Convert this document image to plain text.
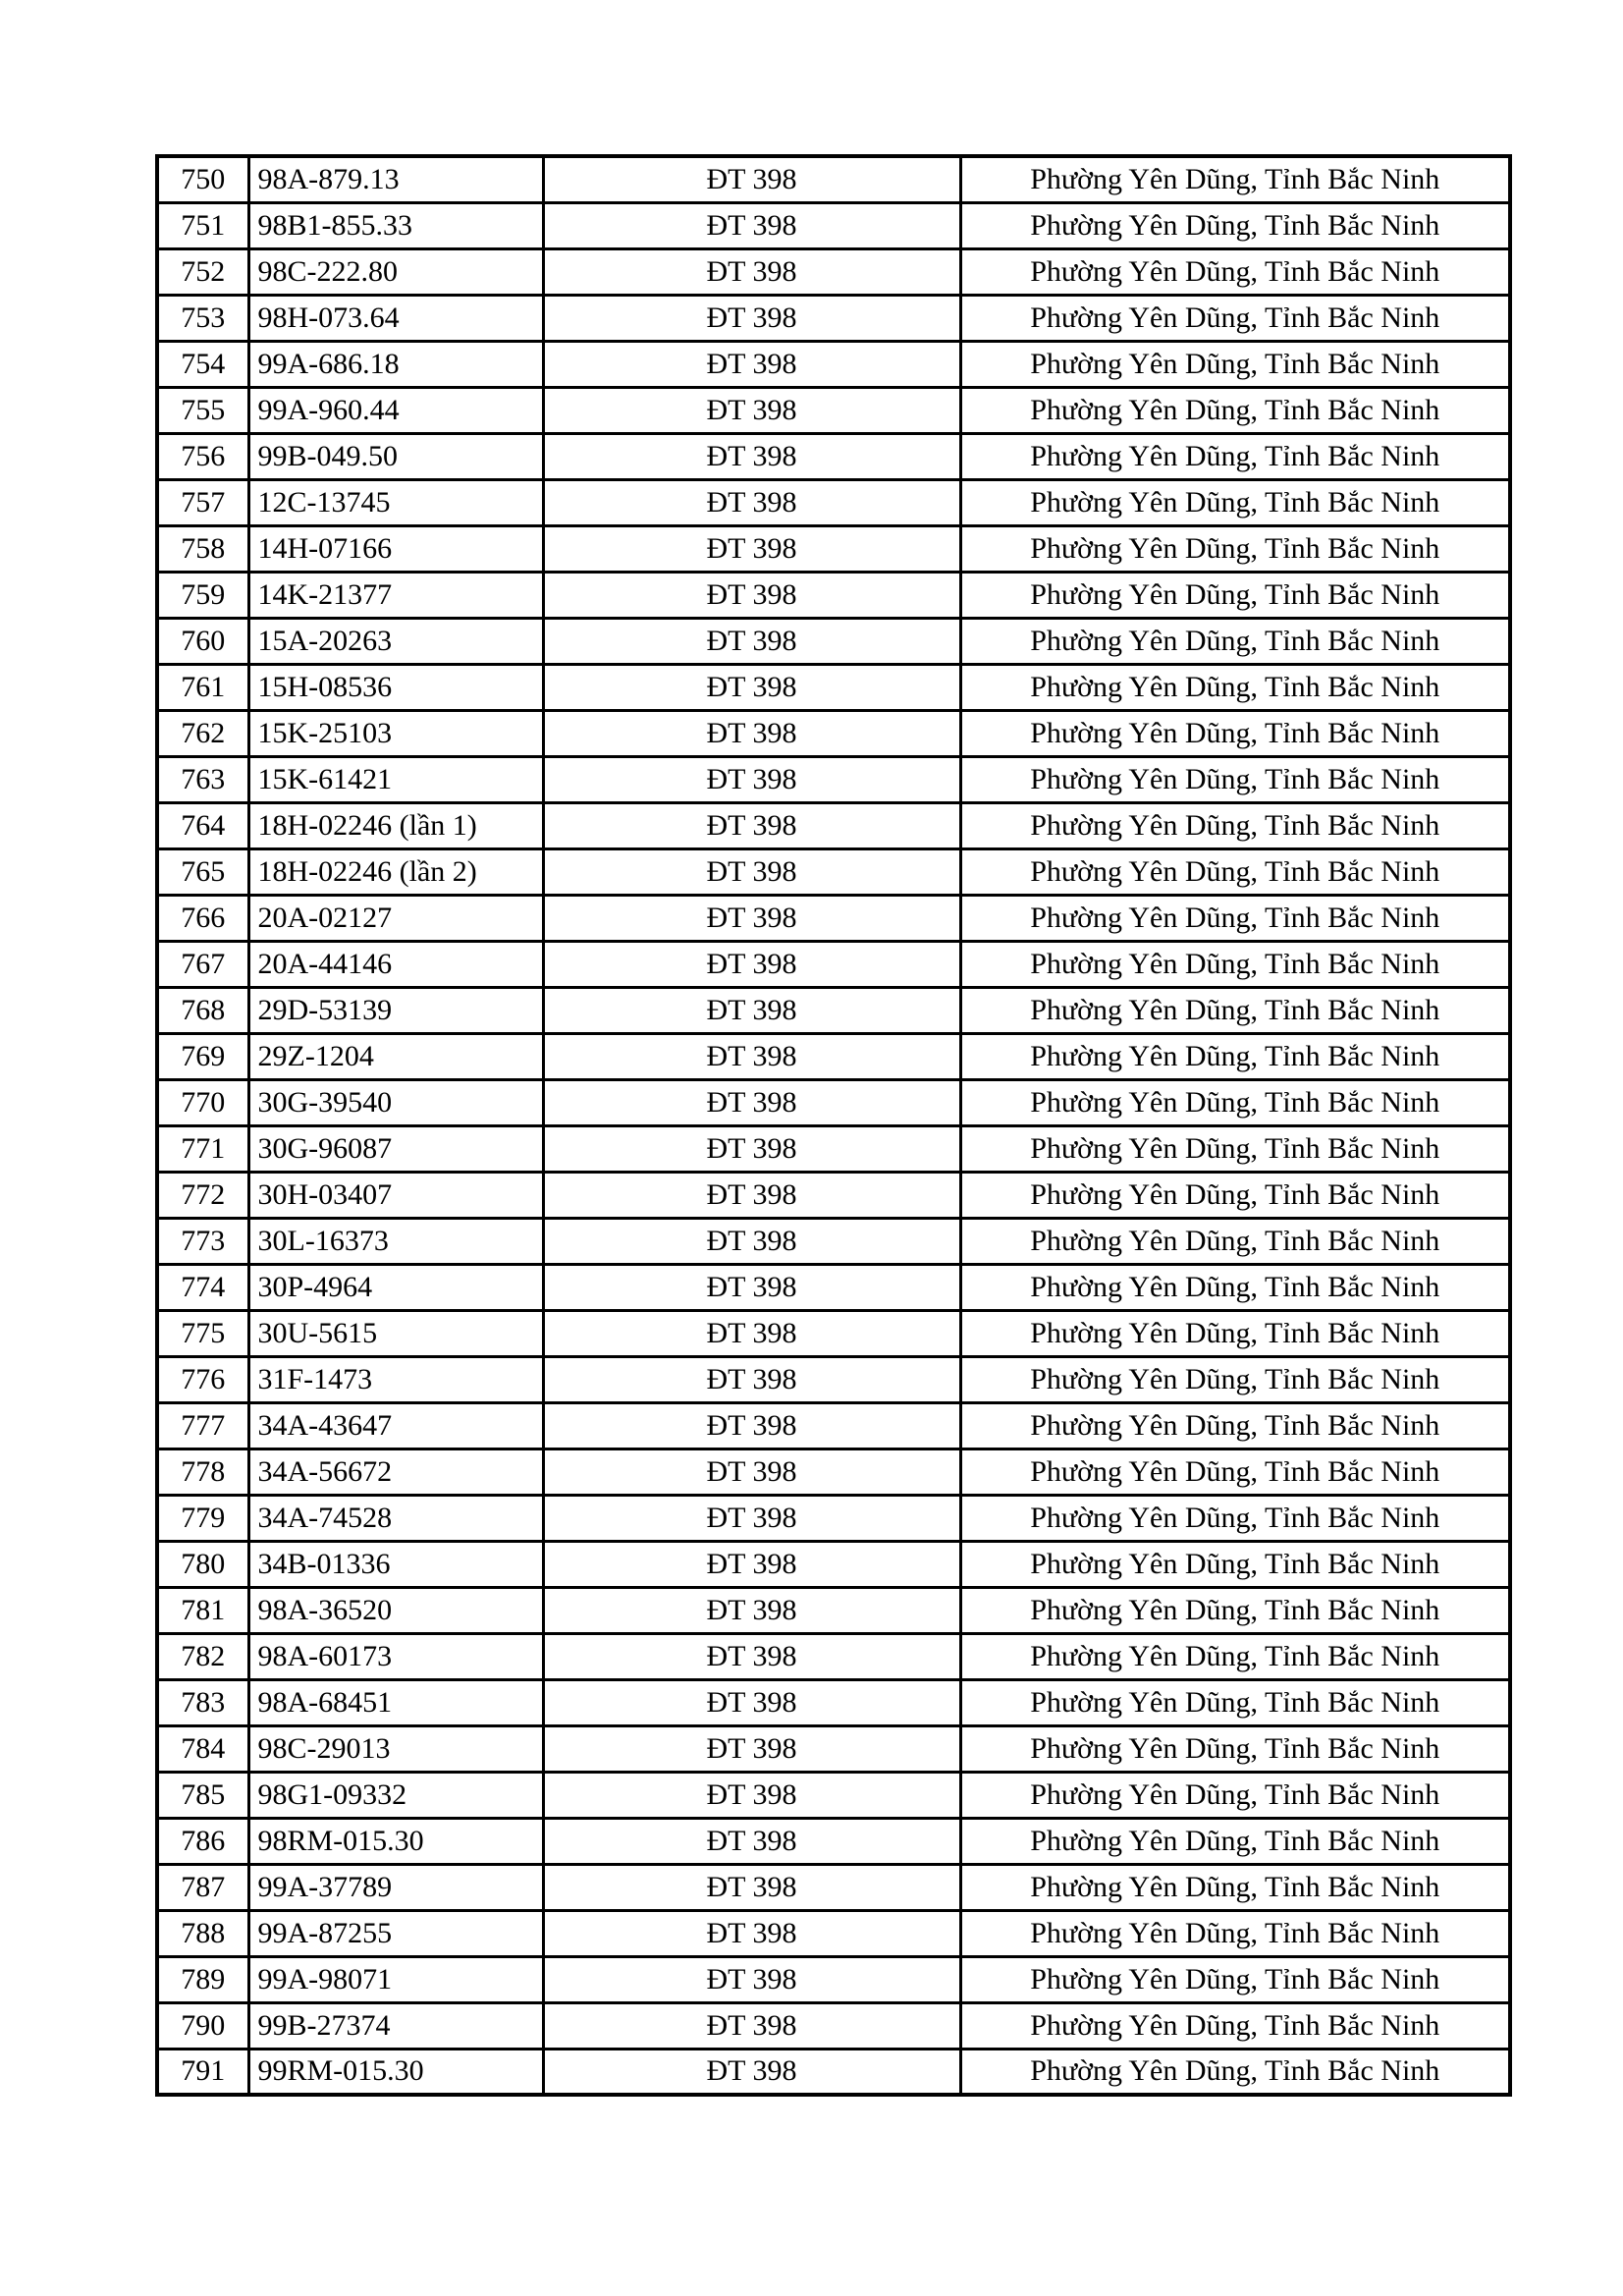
750	98A-879.13	ĐT 398	Phường Yên Dũng, Tỉnh Bắc Ninh
751	98B1-855.33	ĐT 398	Phường Yên Dũng, Tỉnh Bắc Ninh
752	98C-222.80	ĐT 398	Phường Yên Dũng, Tỉnh Bắc Ninh
753	98H-073.64	ĐT 398	Phường Yên Dũng, Tỉnh Bắc Ninh
754	99A-686.18	ĐT 398	Phường Yên Dũng, Tỉnh Bắc Ninh
755	99A-960.44	ĐT 398	Phường Yên Dũng, Tỉnh Bắc Ninh
756	99B-049.50	ĐT 398	Phường Yên Dũng, Tỉnh Bắc Ninh
757	12C-13745	ĐT 398	Phường Yên Dũng, Tỉnh Bắc Ninh
758	14H-07166	ĐT 398	Phường Yên Dũng, Tỉnh Bắc Ninh
759	14K-21377	ĐT 398	Phường Yên Dũng, Tỉnh Bắc Ninh
760	15A-20263	ĐT 398	Phường Yên Dũng, Tỉnh Bắc Ninh
761	15H-08536	ĐT 398	Phường Yên Dũng, Tỉnh Bắc Ninh
762	15K-25103	ĐT 398	Phường Yên Dũng, Tỉnh Bắc Ninh
763	15K-61421	ĐT 398	Phường Yên Dũng, Tỉnh Bắc Ninh
764	18H-02246 (lần 1)	ĐT 398	Phường Yên Dũng, Tỉnh Bắc Ninh
765	18H-02246 (lần 2)	ĐT 398	Phường Yên Dũng, Tỉnh Bắc Ninh
766	20A-02127	ĐT 398	Phường Yên Dũng, Tỉnh Bắc Ninh
767	20A-44146	ĐT 398	Phường Yên Dũng, Tỉnh Bắc Ninh
768	29D-53139	ĐT 398	Phường Yên Dũng, Tỉnh Bắc Ninh
769	29Z-1204	ĐT 398	Phường Yên Dũng, Tỉnh Bắc Ninh
770	30G-39540	ĐT 398	Phường Yên Dũng, Tỉnh Bắc Ninh
771	30G-96087	ĐT 398	Phường Yên Dũng, Tỉnh Bắc Ninh
772	30H-03407	ĐT 398	Phường Yên Dũng, Tỉnh Bắc Ninh
773	30L-16373	ĐT 398	Phường Yên Dũng, Tỉnh Bắc Ninh
774	30P-4964	ĐT 398	Phường Yên Dũng, Tỉnh Bắc Ninh
775	30U-5615	ĐT 398	Phường Yên Dũng, Tỉnh Bắc Ninh
776	31F-1473	ĐT 398	Phường Yên Dũng, Tỉnh Bắc Ninh
777	34A-43647	ĐT 398	Phường Yên Dũng, Tỉnh Bắc Ninh
778	34A-56672	ĐT 398	Phường Yên Dũng, Tỉnh Bắc Ninh
779	34A-74528	ĐT 398	Phường Yên Dũng, Tỉnh Bắc Ninh
780	34B-01336	ĐT 398	Phường Yên Dũng, Tỉnh Bắc Ninh
781	98A-36520	ĐT 398	Phường Yên Dũng, Tỉnh Bắc Ninh
782	98A-60173	ĐT 398	Phường Yên Dũng, Tỉnh Bắc Ninh
783	98A-68451	ĐT 398	Phường Yên Dũng, Tỉnh Bắc Ninh
784	98C-29013	ĐT 398	Phường Yên Dũng, Tỉnh Bắc Ninh
785	98G1-09332	ĐT 398	Phường Yên Dũng, Tỉnh Bắc Ninh
786	98RM-015.30	ĐT 398	Phường Yên Dũng, Tỉnh Bắc Ninh
787	99A-37789	ĐT 398	Phường Yên Dũng, Tỉnh Bắc Ninh
788	99A-87255	ĐT 398	Phường Yên Dũng, Tỉnh Bắc Ninh
789	99A-98071	ĐT 398	Phường Yên Dũng, Tỉnh Bắc Ninh
790	99B-27374	ĐT 398	Phường Yên Dũng, Tỉnh Bắc Ninh
791	99RM-015.30	ĐT 398	Phường Yên Dũng, Tỉnh Bắc Ninh
